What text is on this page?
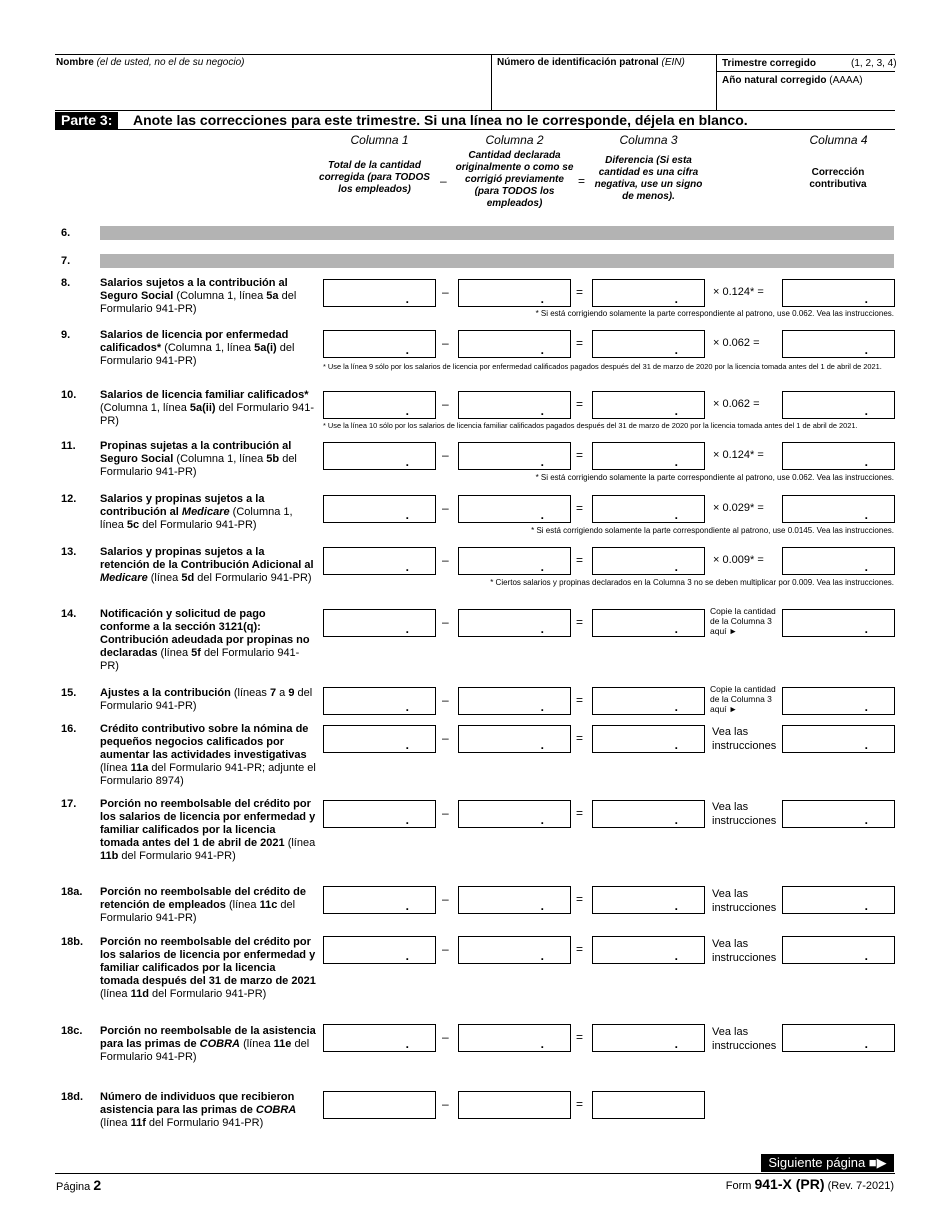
Nombre (el de usted, no el de su negocio)	Número de identificación patronal (EIN)	Trimestre corregido	(1, 2, 3, 4)
Año natural corregido (AAAA)
Parte 3:	Anote las correcciones para este trimestre. Si una línea no le corresponde, déjela en blanco.
Columna 1	Columna 2	Columna 3	Columna 4
Total de la cantidad corregida (para TODOS los empleados)
–
Cantidad declarada originalmente o como se corrigió previamente (para TODOS los empleados)
=
Diferencia (Si esta cantidad es una cifra negativa, use un signo de menos).
Corrección contributiva
6.
7.
8.	Salarios sujetos a la contribución al Seguro Social (Columna 1, línea 5a del Formulario 941-PR)
.	–	.	=	.	× 0.124* =	.
* Si está corrigiendo solamente la parte correspondiente al patrono, use 0.062. Vea las instrucciones.
9.	Salarios de licencia por enfermedad calificados* (Columna 1, línea 5a(i) del Formulario 941-PR)
.	–	.	=	.	× 0.062 =	.
* Use la línea 9 sólo por los salarios de licencia por enfermedad calificados pagados después del 31 de marzo de 2020 por la licencia tomada antes del 1 de abril de 2021.
10. Salarios de licencia familiar calificados* (Columna 1, línea 5a(ii) del Formulario 941-PR)
.	–	.	=	.	× 0.062 =	.
* Use la línea 10 sólo por los salarios de licencia familiar calificados pagados después del 31 de marzo de 2020 por la licencia tomada antes del 1 de abril de 2021.
11. Propinas sujetas a la contribución al Seguro Social (Columna 1, línea 5b del Formulario 941-PR)
.	–	.	=	.	× 0.124* =	.
* Si está corrigiendo solamente la parte correspondiente al patrono, use 0.062. Vea las instrucciones.
12. Salarios y propinas sujetos a la contribución al Medicare (Columna 1, línea 5c del Formulario 941-PR)
.	–	.	=	.	× 0.029* =	.
* Si está corrigiendo solamente la parte correspondiente al patrono, use 0.0145. Vea las instrucciones.
13. Salarios y propinas sujetos a la retención de la Contribución Adicional al Medicare (línea 5d del Formulario 941-PR)
.	–	.	=	.	× 0.009* =	.
* Ciertos salarios y propinas declarados en la Columna 3 no se deben multiplicar por 0.009. Vea las instrucciones.
14. Notificación y solicitud de pago conforme a la sección 3121(q): Contribución adeudada por propinas no declaradas (línea 5f del Formulario 941-PR)
.	–	.	=	.
Copie la cantidad de la Columna 3 aquí ►	.
15. Ajustes a la contribución (líneas 7 a 9 del Formulario 941-PR)	.	–	.	=	.
Copie la cantidad de la Columna 3 aquí ►	.
16. Crédito contributivo sobre la nómina de pequeños negocios calificados por aumentar las actividades investigativas (línea 11a del Formulario 941-PR; adjunte el Formulario 8974)
.	–	.	=	.
Vea las instrucciones	.
17. Porción no reembolsable del crédito por los salarios de licencia por enfermedad y familiar calificados por la licencia tomada antes del 1 de abril de 2021 (línea 11b del Formulario 941-PR)
.	–	.	=	.
Vea las instrucciones	.
18a. Porción no reembolsable del crédito de retención de empleados (línea 11c del Formulario 941-PR)
.	–	.	=	.
Vea las instrucciones	.
18b. Porción no reembolsable del crédito por los salarios de licencia por enfermedad y familiar calificados por la licencia tomada después del 31 de marzo de 2021 (línea 11d del Formulario 941-PR)
.	–	.	=	.
Vea las instrucciones	.
18c. Porción no reembolsable de la asistencia para las primas de COBRA (línea 11e del Formulario 941-PR)
.	–	.	=	.
Vea las instrucciones	.
18d. Número de individuos que recibieron asistencia para las primas de COBRA (línea 11f del Formulario 941-PR)
–	=
Siguiente página ■▶
Página 2	Form 941-X (PR) (Rev. 7-2021)
